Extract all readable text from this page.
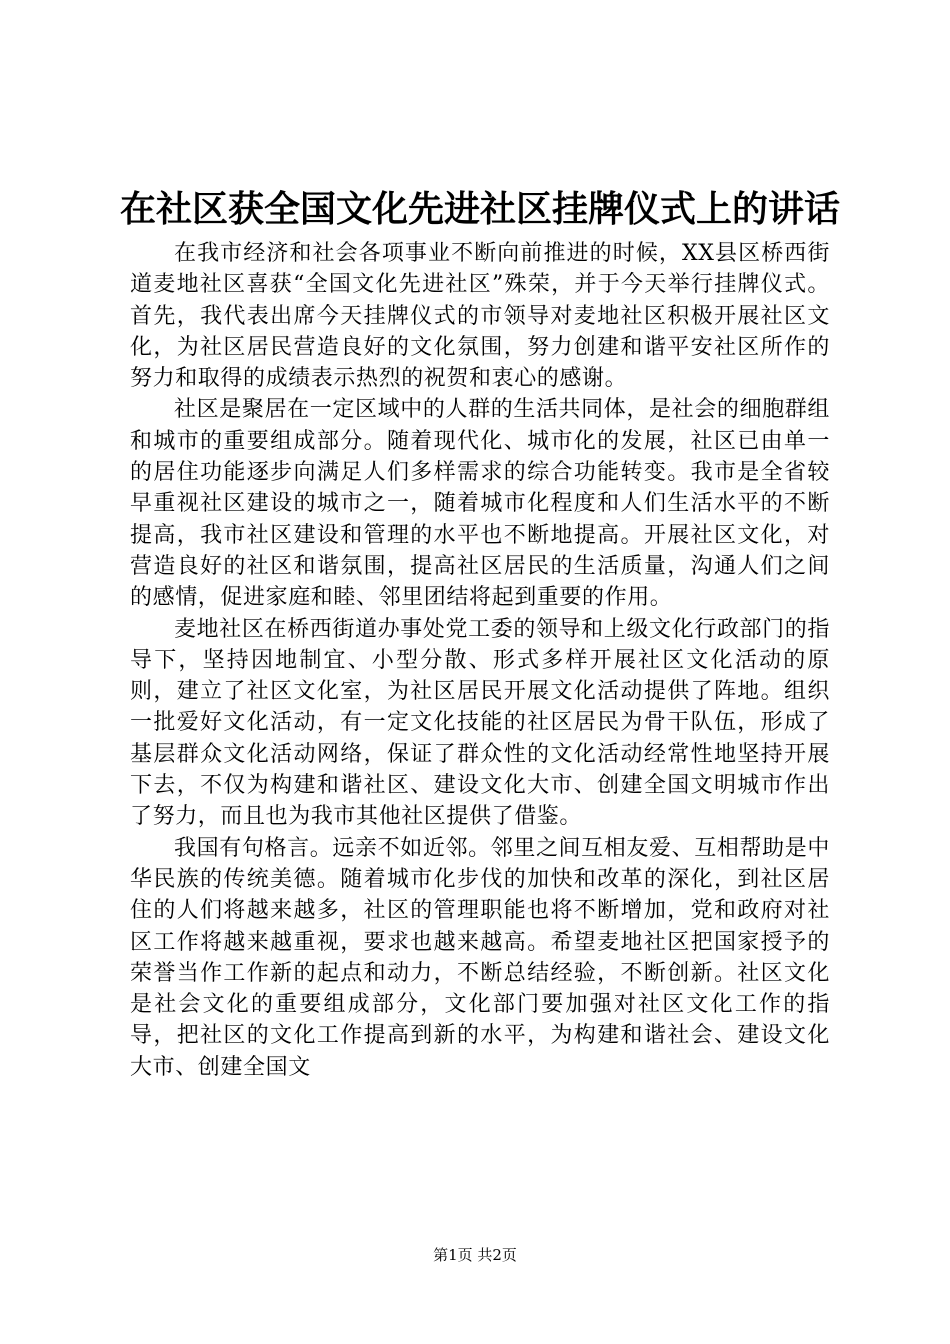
在社区获全国文化先进社区挂牌仪式上的讲话

在我市经济和社会各项事业不断向前推进的时候，XX县区桥西街道麦地社区喜获“全国文化先进社区”殊荣，并于今天举行挂牌仪式。首先，我代表出席今天挂牌仪式的市领导对麦地社区积极开展社区文化，为社区居民营造良好的文化氛围，努力创建和谐平安社区所作的努力和取得的成绩表示热烈的祝贺和衷心的感谢。

社区是聚居在一定区域中的人群的生活共同体，是社会的细胞群组和城市的重要组成部分。随着现代化、城市化的发展，社区已由单一的居住功能逐步向满足人们多样需求的综合功能转变。我市是全省较早重视社区建设的城市之一，随着城市化程度和人们生活水平的不断提高，我市社区建设和管理的水平也不断地提高。开展社区文化，对营造良好的社区和谐氛围，提高社区居民的生活质量，沟通人们之间的感情，促进家庭和睦、邻里团结将起到重要的作用。

麦地社区在桥西街道办事处党工委的领导和上级文化行政部门的指导下，坚持因地制宜、小型分散、形式多样开展社区文化活动的原则，建立了社区文化室，为社区居民开展文化活动提供了阵地。组织一批爱好文化活动，有一定文化技能的社区居民为骨干队伍，形成了基层群众文化活动网络，保证了群众性的文化活动经常性地坚持开展下去，不仅为构建和谐社区、建设文化大市、创建全国文明城市作出了努力，而且也为我市其他社区提供了借鉴。

我国有句格言。远亲不如近邻。邻里之间互相友爱、互相帮助是中华民族的传统美德。随着城市化步伐的加快和改革的深化，到社区居住的人们将越来越多，社区的管理职能也将不断增加，党和政府对社区工作将越来越重视，要求也越来越高。希望麦地社区把国家授予的荣誉当作工作新的起点和动力，不断总结经验，不断创新。社区文化是社会文化的重要组成部分，文化部门要加强对社区文化工作的指导，把社区的文化工作提高到新的水平，为构建和谐社会、建设文化大市、创建全国文

第1页 共2页
